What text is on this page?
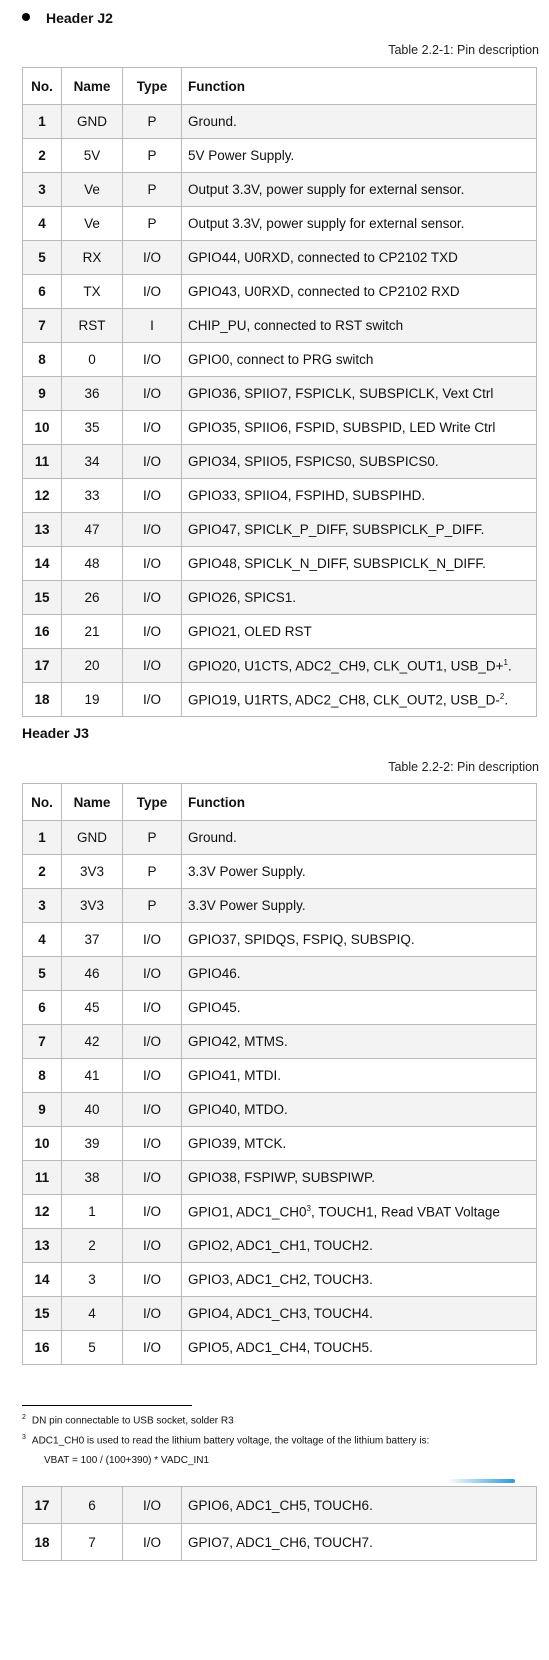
Header J2
Table 2.2-1: Pin description
No.	Name	Type	Function
1	GND	P	Ground.
2	5V	P	5V Power Supply.
3	Ve	P	Output 3.3V, power supply for external sensor.
4	Ve	P	Output 3.3V, power supply for external sensor.
5	RX	I/O	GPIO44, U0RXD, connected to CP2102 TXD
6	TX	I/O	GPIO43, U0RXD, connected to CP2102 RXD
7	RST	I	CHIP_PU, connected to RST switch
8	0	I/O	GPIO0, connect to PRG switch
9	36	I/O	GPIO36, SPIIO7, FSPICLK, SUBSPICLK, Vext Ctrl
10	35	I/O	GPIO35, SPIIO6, FSPID, SUBSPID, LED Write Ctrl
11	34	I/O	GPIO34, SPIIO5, FSPICS0, SUBSPICS0.
12	33	I/O	GPIO33, SPIIO4, FSPIHD, SUBSPIHD.
13	47	I/O	GPIO47, SPICLK_P_DIFF, SUBSPICLK_P_DIFF.
14	48	I/O	GPIO48, SPICLK_N_DIFF, SUBSPICLK_N_DIFF.
15	26	I/O	GPIO26, SPICS1.
16	21	I/O	GPIO21, OLED RST
17	20	I/O	GPIO20, U1CTS, ADC2_CH9, CLK_OUT1, USB_D+$^1$.
18	19	I/O	GPIO19, U1RTS, ADC2_CH8, CLK_OUT2, USB_D-$^2$.
Header J3
Table 2.2-2: Pin description
No.	Name	Type	Function
1	GND	P	Ground.
2	3V3	P	3.3V Power Supply.
3	3V3	P	3.3V Power Supply.
4	37	I/O	GPIO37, SPIDQS, FSPIQ, SUBSPIQ.
5	46	I/O	GPIO46.
6	45	I/O	GPIO45.
7	42	I/O	GPIO42, MTMS.
8	41	I/O	GPIO41, MTDI.
9	40	I/O	GPIO40, MTDO.
10	39	I/O	GPIO39, MTCK.
11	38	I/O	GPIO38, FSPIWP, SUBSPIWP.
12	1	I/O	GPIO1, $ADC1\_CH0^3$, TOUCH1, Read VBAT Voltage
13	2	I/O	GPIO2, ADC1_CH1, TOUCH2.
14	3	I/O	GPIO3, ADC1_CH2, TOUCH3.
15	4	I/O	GPIO4, ADC1_CH3, TOUCH4.
16	5	I/O	GPIO5, ADC1_CH4, TOUCH5.
$^2$ DN pin connectable to USB socket, solder R3
$^3$ ADC1_CH0 is used to read the lithium battery voltage, the voltage of the lithium battery is:
VBAT = 100 / (100+390) * VADC_IN1
17	6	I/O	GPIO6, ADC1_CH5, TOUCH6.
18	7	I/O	GPIO7, ADC1_CH6, TOUCH7.
